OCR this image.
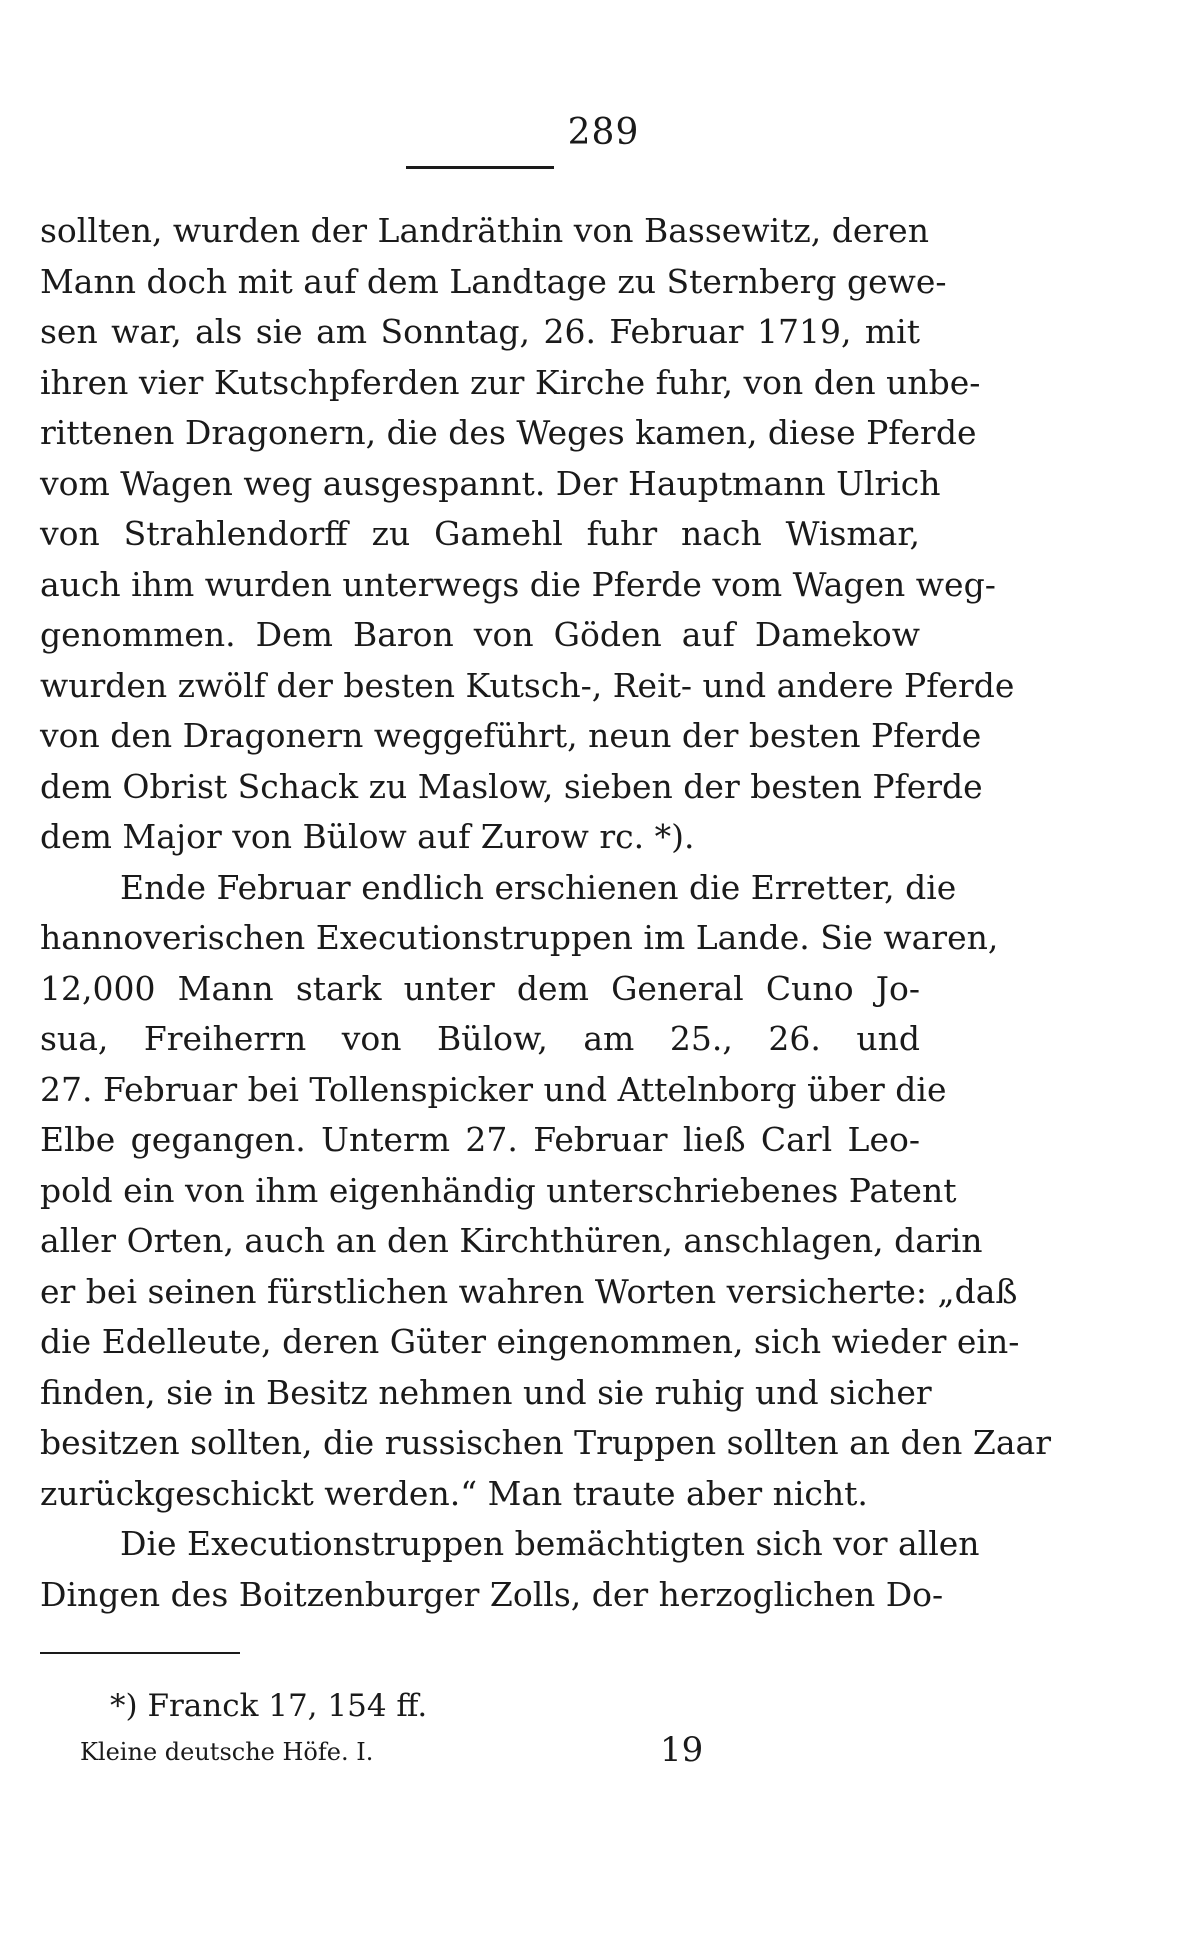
289
sollten, wurden der Landräthin von Bassewitz, deren
Mann doch mit auf dem Landtage zu Sternberg gewe-
sen war, als sie am Sonntag, 26. Februar 1719, mit
ihren vier Kutschpferden zur Kirche fuhr, von den unbe-
rittenen Dragonern, die des Weges kamen, diese Pferde
vom Wagen weg ausgespannt. Der Hauptmann Ulrich
von Strahlendorff zu Gamehl fuhr nach Wismar,
auch ihm wurden unterwegs die Pferde vom Wagen weg-
genommen. Dem Baron von Göden auf Damekow
wurden zwölf der besten Kutsch-, Reit- und andere Pferde
von den Dragonern weggeführt, neun der besten Pferde
dem Obrist Schack zu Maslow, sieben der besten Pferde
dem Major von Bülow auf Zurow rc. *).
Ende Februar endlich erschienen die Erretter, die
hannoverischen Executionstruppen im Lande. Sie waren,
12,000 Mann stark unter dem General Cuno Jo-
sua, Freiherrn von Bülow, am 25., 26. und
27. Februar bei Tollenspicker und Attelnborg über die
Elbe gegangen. Unterm 27. Februar ließ Carl Leo-
pold ein von ihm eigenhändig unterschriebenes Patent
aller Orten, auch an den Kirchthüren, anschlagen, darin
er bei seinen fürstlichen wahren Worten versicherte: „daß
die Edelleute, deren Güter eingenommen, sich wieder ein-
finden, sie in Besitz nehmen und sie ruhig und sicher
besitzen sollten, die russischen Truppen sollten an den Zaar
zurückgeschickt werden.“ Man traute aber nicht.
Die Executionstruppen bemächtigten sich vor allen
Dingen des Boitzenburger Zolls, der herzoglichen Do-
*) Franck 17, 154 ff.
Kleine deutsche Höfe. I.	19
